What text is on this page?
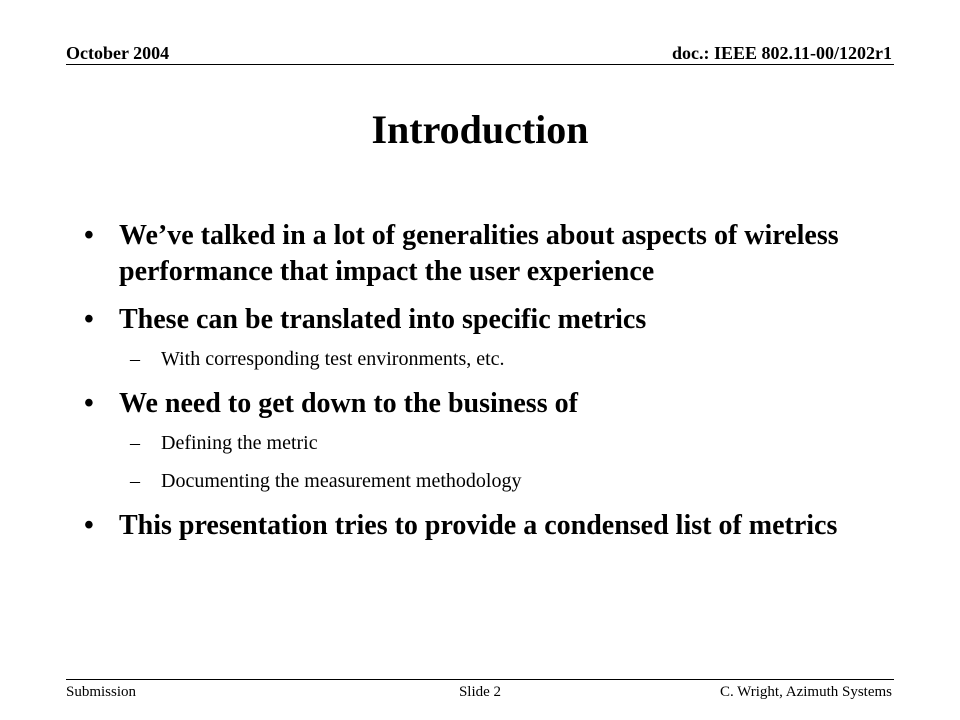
October 2004	doc.: IEEE 802.11-00/1202r1
Introduction
• We’ve talked in a lot of generalities about aspects of wireless performance that impact the user experience
• These can be translated into specific metrics
– With corresponding test environments, etc.
• We need to get down to the business of
– Defining the metric
– Documenting the measurement methodology
• This presentation tries to provide a condensed list of metrics
Submission	Slide 2	C. Wright, Azimuth Systems
